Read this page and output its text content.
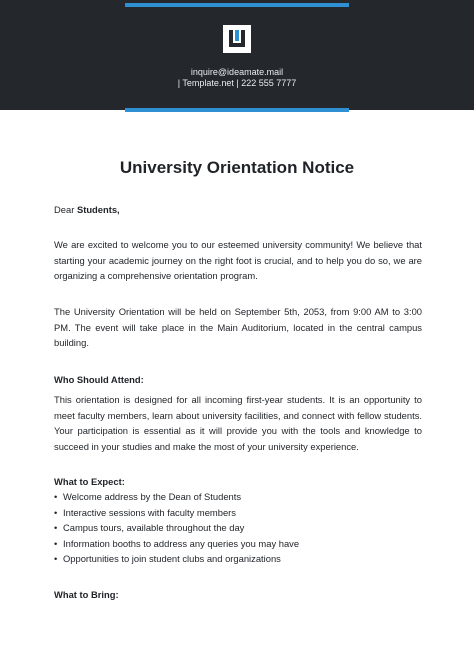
inquire@ideamate.mail
| Template.net | 222 555 7777
University Orientation Notice
Dear Students,
We are excited to welcome you to our esteemed university community! We believe that starting your academic journey on the right foot is crucial, and to help you do so, we are organizing a comprehensive orientation program.
The University Orientation will be held on September 5th, 2053, from 9:00 AM to 3:00 PM. The event will take place in the Main Auditorium, located in the central campus building.
Who Should Attend:
This orientation is designed for all incoming first-year students. It is an opportunity to meet faculty members, learn about university facilities, and connect with fellow students. Your participation is essential as it will provide you with the tools and knowledge to succeed in your studies and make the most of your university experience.
What to Expect:
• Welcome address by the Dean of Students
• Interactive sessions with faculty members
• Campus tours, available throughout the day
• Information booths to address any queries you may have
• Opportunities to join student clubs and organizations
What to Bring:
